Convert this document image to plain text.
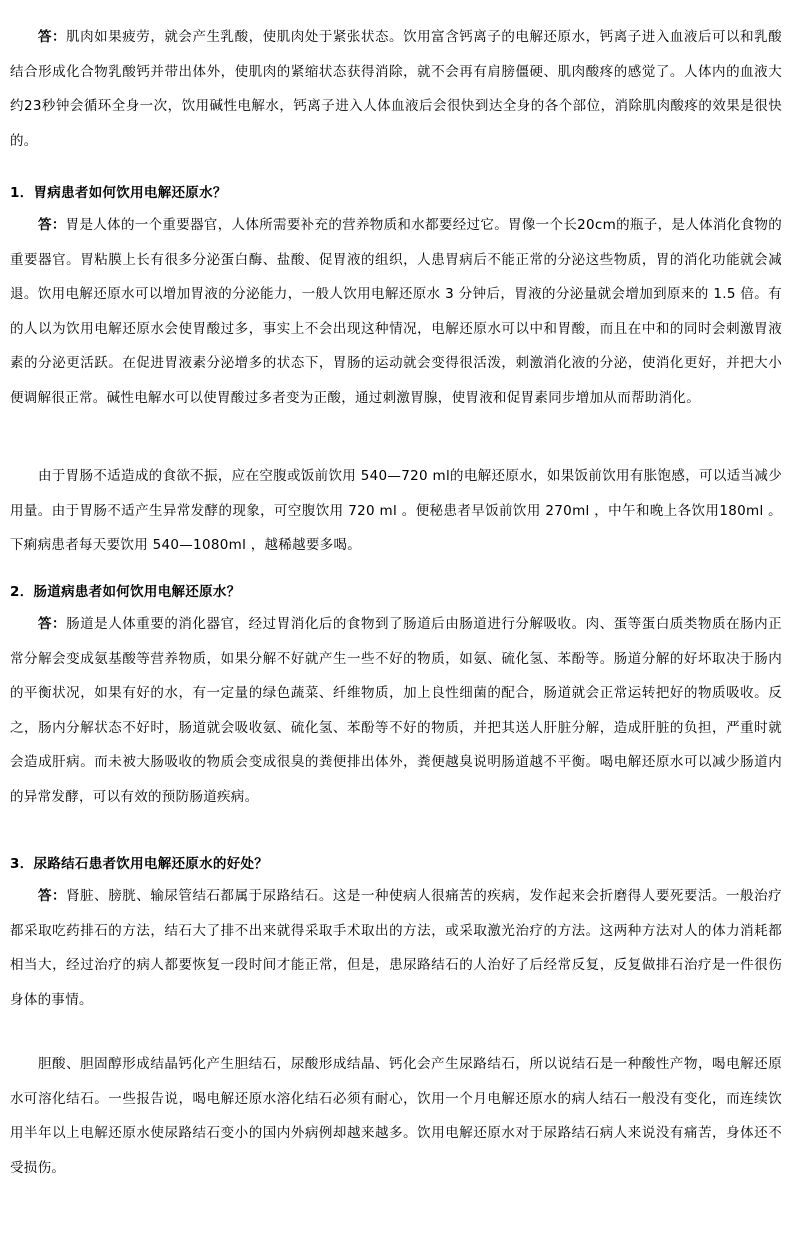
答：肌肉如果疲劳，就会产生乳酸，使肌肉处于紧张状态。饮用富含钙离子的电解还原水，钙离子进入血液后可以和乳酸结合形成化合物乳酸钙并带出体外，使肌肉的紧缩状态获得消除，就不会再有肩膀僵硬、肌肉酸疼的感觉了。人体内的血液大约23秒钟会循环全身一次，饮用碱性电解水，钙离子进入人体血液后会很快到达全身的各个部位，消除肌肉酸疼的效果是很快的。

1．胃病患者如何饮用电解还原水？

答：胃是人体的一个重要器官，人体所需要补充的营养物质和水都要经过它。胃像一个长20cm的瓶子，是人体消化食物的重要器官。胃粘膜上长有很多分泌蛋白酶、盐酸、促胃液的组织，人患胃病后不能正常的分泌这些物质，胃的消化功能就会减退。饮用电解还原水可以增加胃液的分泌能力，一般人饮用电解还原水 3 分钟后，胃液的分泌量就会增加到原来的 1.5 倍。有的人以为饮用电解还原水会使胃酸过多，事实上不会出现这种情况，电解还原水可以中和胃酸，而且在中和的同时会刺激胃液素的分泌更活跃。在促进胃液素分泌增多的状态下，胃肠的运动就会变得很活泼，刺激消化液的分泌，使消化更好，并把大小便调解很正常。碱性电解水可以使胃酸过多者变为正酸，通过刺激胃腺，使胃液和促胃素同步增加从而帮助消化。

由于胃肠不适造成的食欲不振，应在空腹或饭前饮用 540—720 ml的电解还原水，如果饭前饮用有胀饱感，可以适当减少用量。由于胃肠不适产生异常发酵的现象，可空腹饮用 720 ml 。便秘患者早饭前饮用 270ml ，中午和晚上各饮用180ml 。下痢病患者每天要饮用 540—1080ml ，越稀越要多喝。

2．肠道病患者如何饮用电解还原水？

答：肠道是人体重要的消化器官，经过胃消化后的食物到了肠道后由肠道进行分解吸收。肉、蛋等蛋白质类物质在肠内正常分解会变成氨基酸等营养物质，如果分解不好就产生一些不好的物质，如氨、硫化氢、苯酚等。肠道分解的好坏取决于肠内的平衡状况，如果有好的水，有一定量的绿色蔬菜、纤维物质，加上良性细菌的配合，肠道就会正常运转把好的物质吸收。反之，肠内分解状态不好时，肠道就会吸收氨、硫化氢、苯酚等不好的物质，并把其送人肝脏分解，造成肝脏的负担，严重时就会造成肝病。而未被大肠吸收的物质会变成很臭的粪便排出体外，粪便越臭说明肠道越不平衡。喝电解还原水可以减少肠道内的异常发酵，可以有效的预防肠道疾病。

3．尿路结石患者饮用电解还原水的好处？

答：肾脏、膀胱、输尿管结石都属于尿路结石。这是一种使病人很痛苦的疾病，发作起来会折磨得人要死要活。一般治疗都采取吃药排石的方法，结石大了排不出来就得采取手术取出的方法，或采取激光治疗的方法。这两种方法对人的体力消耗都相当大，经过治疗的病人都要恢复一段时间才能正常，但是，患尿路结石的人治好了后经常反复，反复做排石治疗是一件很伤身体的事情。

胆酸、胆固醇形成结晶钙化产生胆结石，尿酸形成结晶、钙化会产生尿路结石，所以说结石是一种酸性产物，喝电解还原水可溶化结石。一些报告说，喝电解还原水溶化结石必须有耐心，饮用一个月电解还原水的病人结石一般没有变化，而连续饮用半年以上电解还原水使尿路结石变小的国内外病例却越来越多。饮用电解还原水对于尿路结石病人来说没有痛苦，身体还不受损伤。
